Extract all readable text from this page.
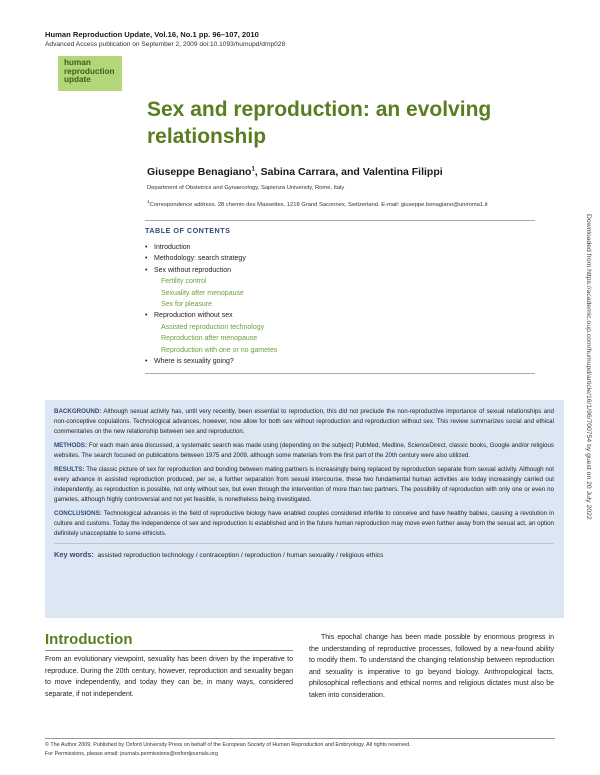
Human Reproduction Update, Vol.16, No.1 pp. 96–107, 2010
Advanced Access publication on September 2, 2009 doi:10.1093/humupd/dmp028
human
reproduction
update
Sex and reproduction: an evolving
relationship
Giuseppe Benagiano$^1$, Sabina Carrara, and Valentina Filippi
Department of Obstetrics and Gynaecology, Sapienza University, Rome, Italy
$^1$Correspondence address. 28 chemin des Massettes, 1218 Grand Saconnex, Switzerland. E-mail: giuseppe.benagiano@uniroma1.it
TABLE OF CONTENTS
• Introduction
• Methodology: search strategy
• Sex without reproduction
Fertility control
Sexuality after menopause
Sex for pleasure
• Reproduction without sex
Assisted reproduction technology
Reproduction after menopause
Reproduction with one or no gametes
• Where is sexuality going?

BACKGROUND: Although sexual activity has, until very recently, been essential to reproduction, this did not preclude the non-reproductive importance of sexual relationships and non-conceptive copulations. Technological advances, however, now allow for both sex without reproduction and reproduction without sex. This review summarizes social and ethical commentaries on the new relationship between sex and reproduction.

METHODS: For each main area discussed, a systematic search was made using (depending on the subject) PubMed, Medline, ScienceDirect, classic books, Google and/or religious websites. The search focused on publications between 1975 and 2009, although some materials from the first part of the 20th century were also utilized.

RESULTS: The classic picture of sex for reproduction and bonding between mating partners is increasingly being replaced by reproduction separate from sexual activity. Although not every advance in assisted reproduction produced, per se, a further separation from sexual intercourse, these two fundamental human activities are today increasingly carried out independently, as reproduction is possible, not only without sex, but even through the intervention of more than two partners. The possibility of reproduction with only one or even no gametes, although highly controversial and not yet feasible, is nonetheless being investigated.

CONCLUSIONS: Technological advances in the field of reproductive biology have enabled couples considered infertile to conceive and have healthy babies, causing a revolution in culture and customs. Today the independence of sex and reproduction is established and in the future human reproduction may move even further away from the sexual act, an option definitely unacceptable to some ethicists.

Key words: assisted reproduction technology / contraception / reproduction / human sexuality / religious ethics
Introduction
From an evolutionary viewpoint, sexuality has been driven by the imperative to reproduce. During the 20th century, however, reproduction and sexuality began to move independently, and today they can be, in many ways, considered separate, if not independent.
This epochal change has been made possible by enormous progress in the understanding of reproductive processes, followed by a new-found ability to modify them. To understand the changing relationship between reproduction and sexuality is imperative to go beyond biology. Anthropological facts, philosophical reflections and ethical norms and religious dictates must also be taken into consideration.
© The Author 2009. Published by Oxford University Press on behalf of the European Society of Human Reproduction and Embryology. All rights reserved.
For Permissions, please email: journals.permissions@oxfordjournals.org
Downloaded from https://academic.oup.com/humupd/article/16/1/96/700754 by guest on 20 July 2022
